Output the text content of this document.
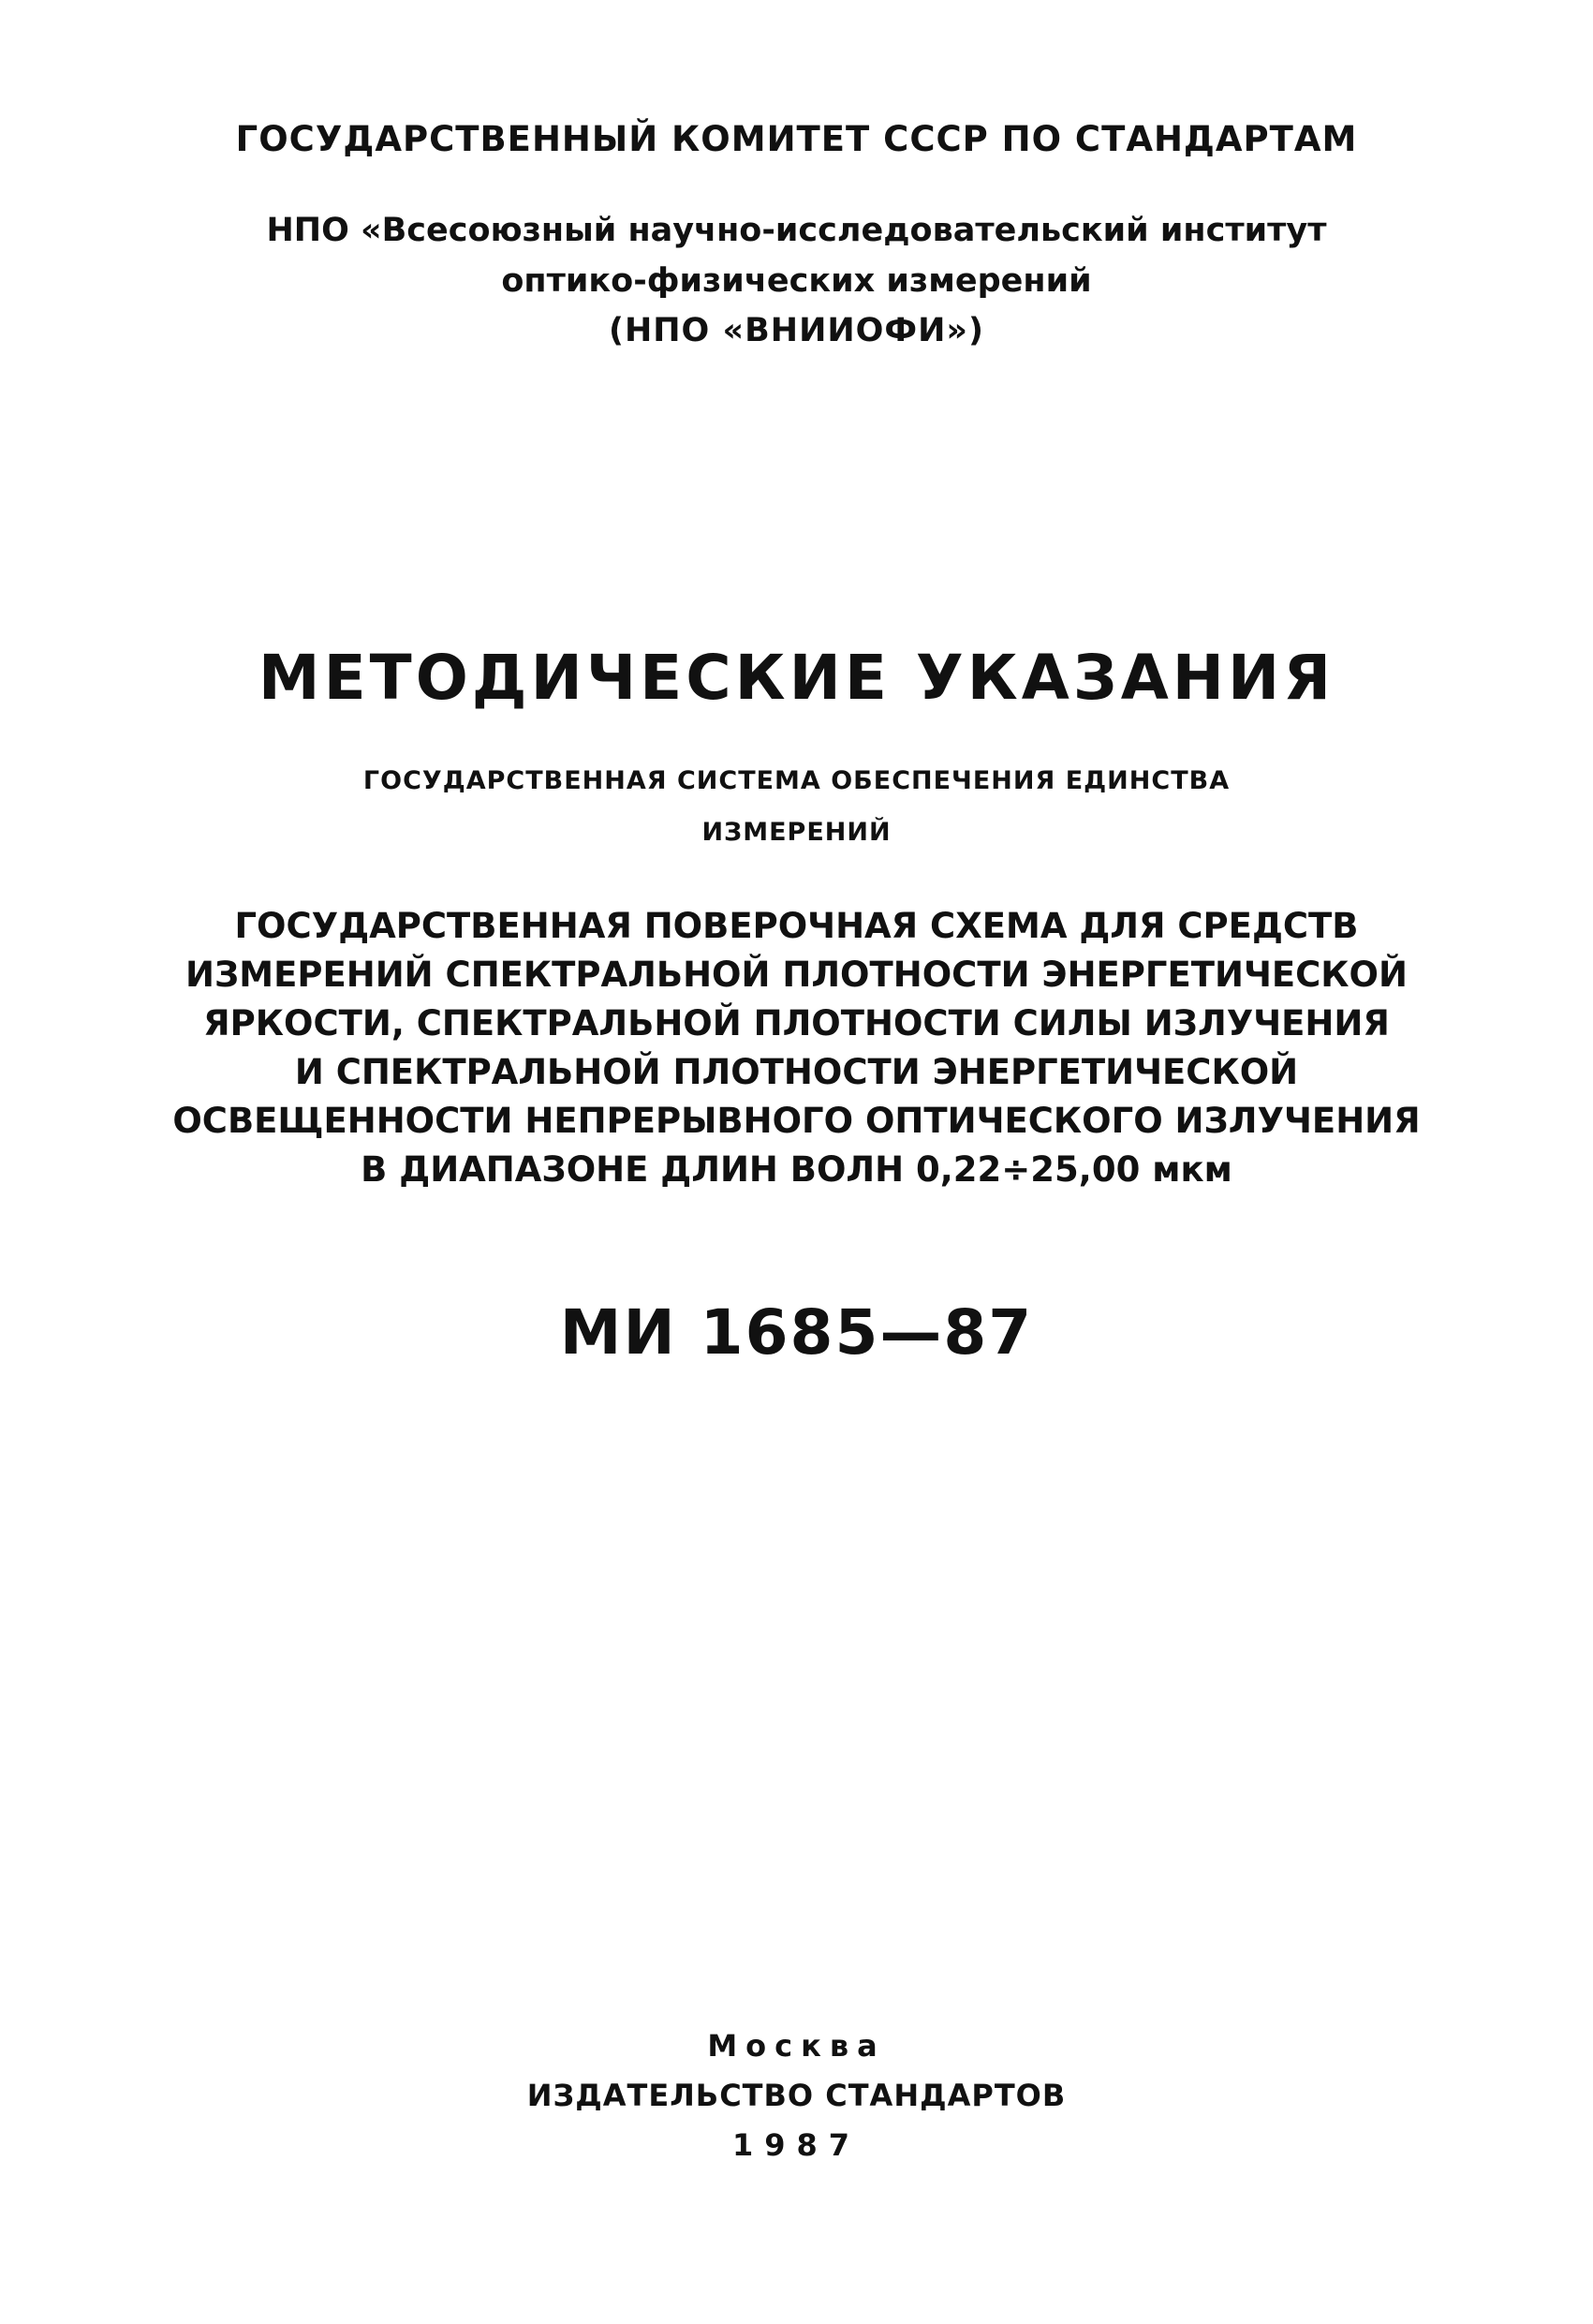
ГОСУДАРСТВЕННЫЙ КОМИТЕТ СССР ПО СТАНДАРТАМ
НПО «Всесоюзный научно-исследовательский институт
оптико-физических измерений
(НПО «ВНИИОФИ»)
МЕТОДИЧЕСКИЕ УКАЗАНИЯ
ГОСУДАРСТВЕННАЯ СИСТЕМА ОБЕСПЕЧЕНИЯ ЕДИНСТВА
ИЗМЕРЕНИЙ
ГОСУДАРСТВЕННАЯ ПОВЕРОЧНАЯ СХЕМА ДЛЯ СРЕДСТВ
ИЗМЕРЕНИЙ СПЕКТРАЛЬНОЙ ПЛОТНОСТИ ЭНЕРГЕТИЧЕСКОЙ
ЯРКОСТИ, СПЕКТРАЛЬНОЙ ПЛОТНОСТИ СИЛЫ ИЗЛУЧЕНИЯ
И СПЕКТРАЛЬНОЙ ПЛОТНОСТИ ЭНЕРГЕТИЧЕСКОЙ
ОСВЕЩЕННОСТИ НЕПРЕРЫВНОГО ОПТИЧЕСКОГО ИЗЛУЧЕНИЯ
В ДИАПАЗОНЕ ДЛИН ВОЛН 0,22÷25,00 мкм
МИ 1685—87
Москва
ИЗДАТЕЛЬСТВО СТАНДАРТОВ
1987
